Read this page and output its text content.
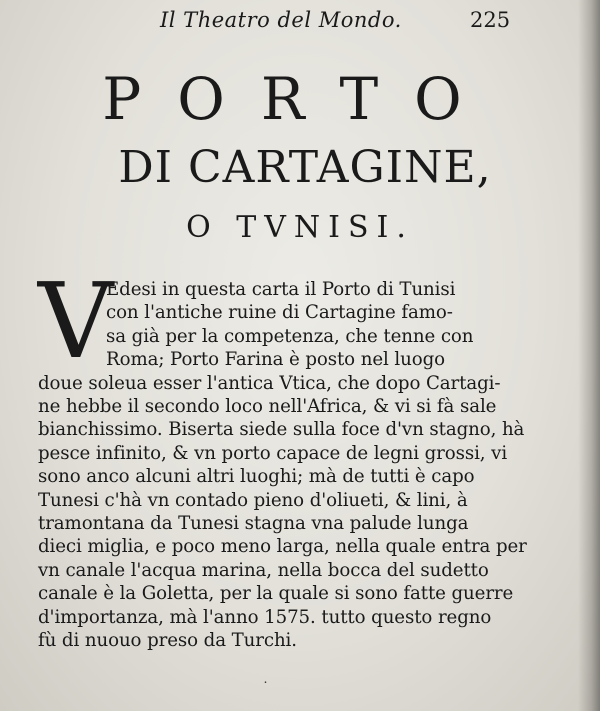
Il Theatro del Mondo.	225
PORTO
DI CARTAGINE,
O TVNISI.
V
Edesi in questa carta il Porto di Tunisi
con l'antiche ruine di Cartagine famo-
sa già per la competenza, che tenne con
Roma; Porto Farina è posto nel luogo
doue soleua esser l'antica Vtica, che dopo Cartagi-
ne hebbe il secondo loco nell'Africa, & vi si fà sale
bianchissimo. Biserta siede sulla foce d'vn stagno, hà
pesce infinito, & vn porto capace de legni grossi, vi
sono anco alcuni altri luoghi; mà de tutti è capo
Tunesi c'hà vn contado pieno d'oliueti, & lini, à
tramontana da Tunesi stagna vna palude lunga
dieci miglia, e poco meno larga, nella quale entra per
vn canale l'acqua marina, nella bocca del sudetto
canale è la Goletta, per la quale si sono fatte guerre
d'importanza, mà l'anno 1575. tutto questo regno
fù di nuouo preso da Turchi.
˙
